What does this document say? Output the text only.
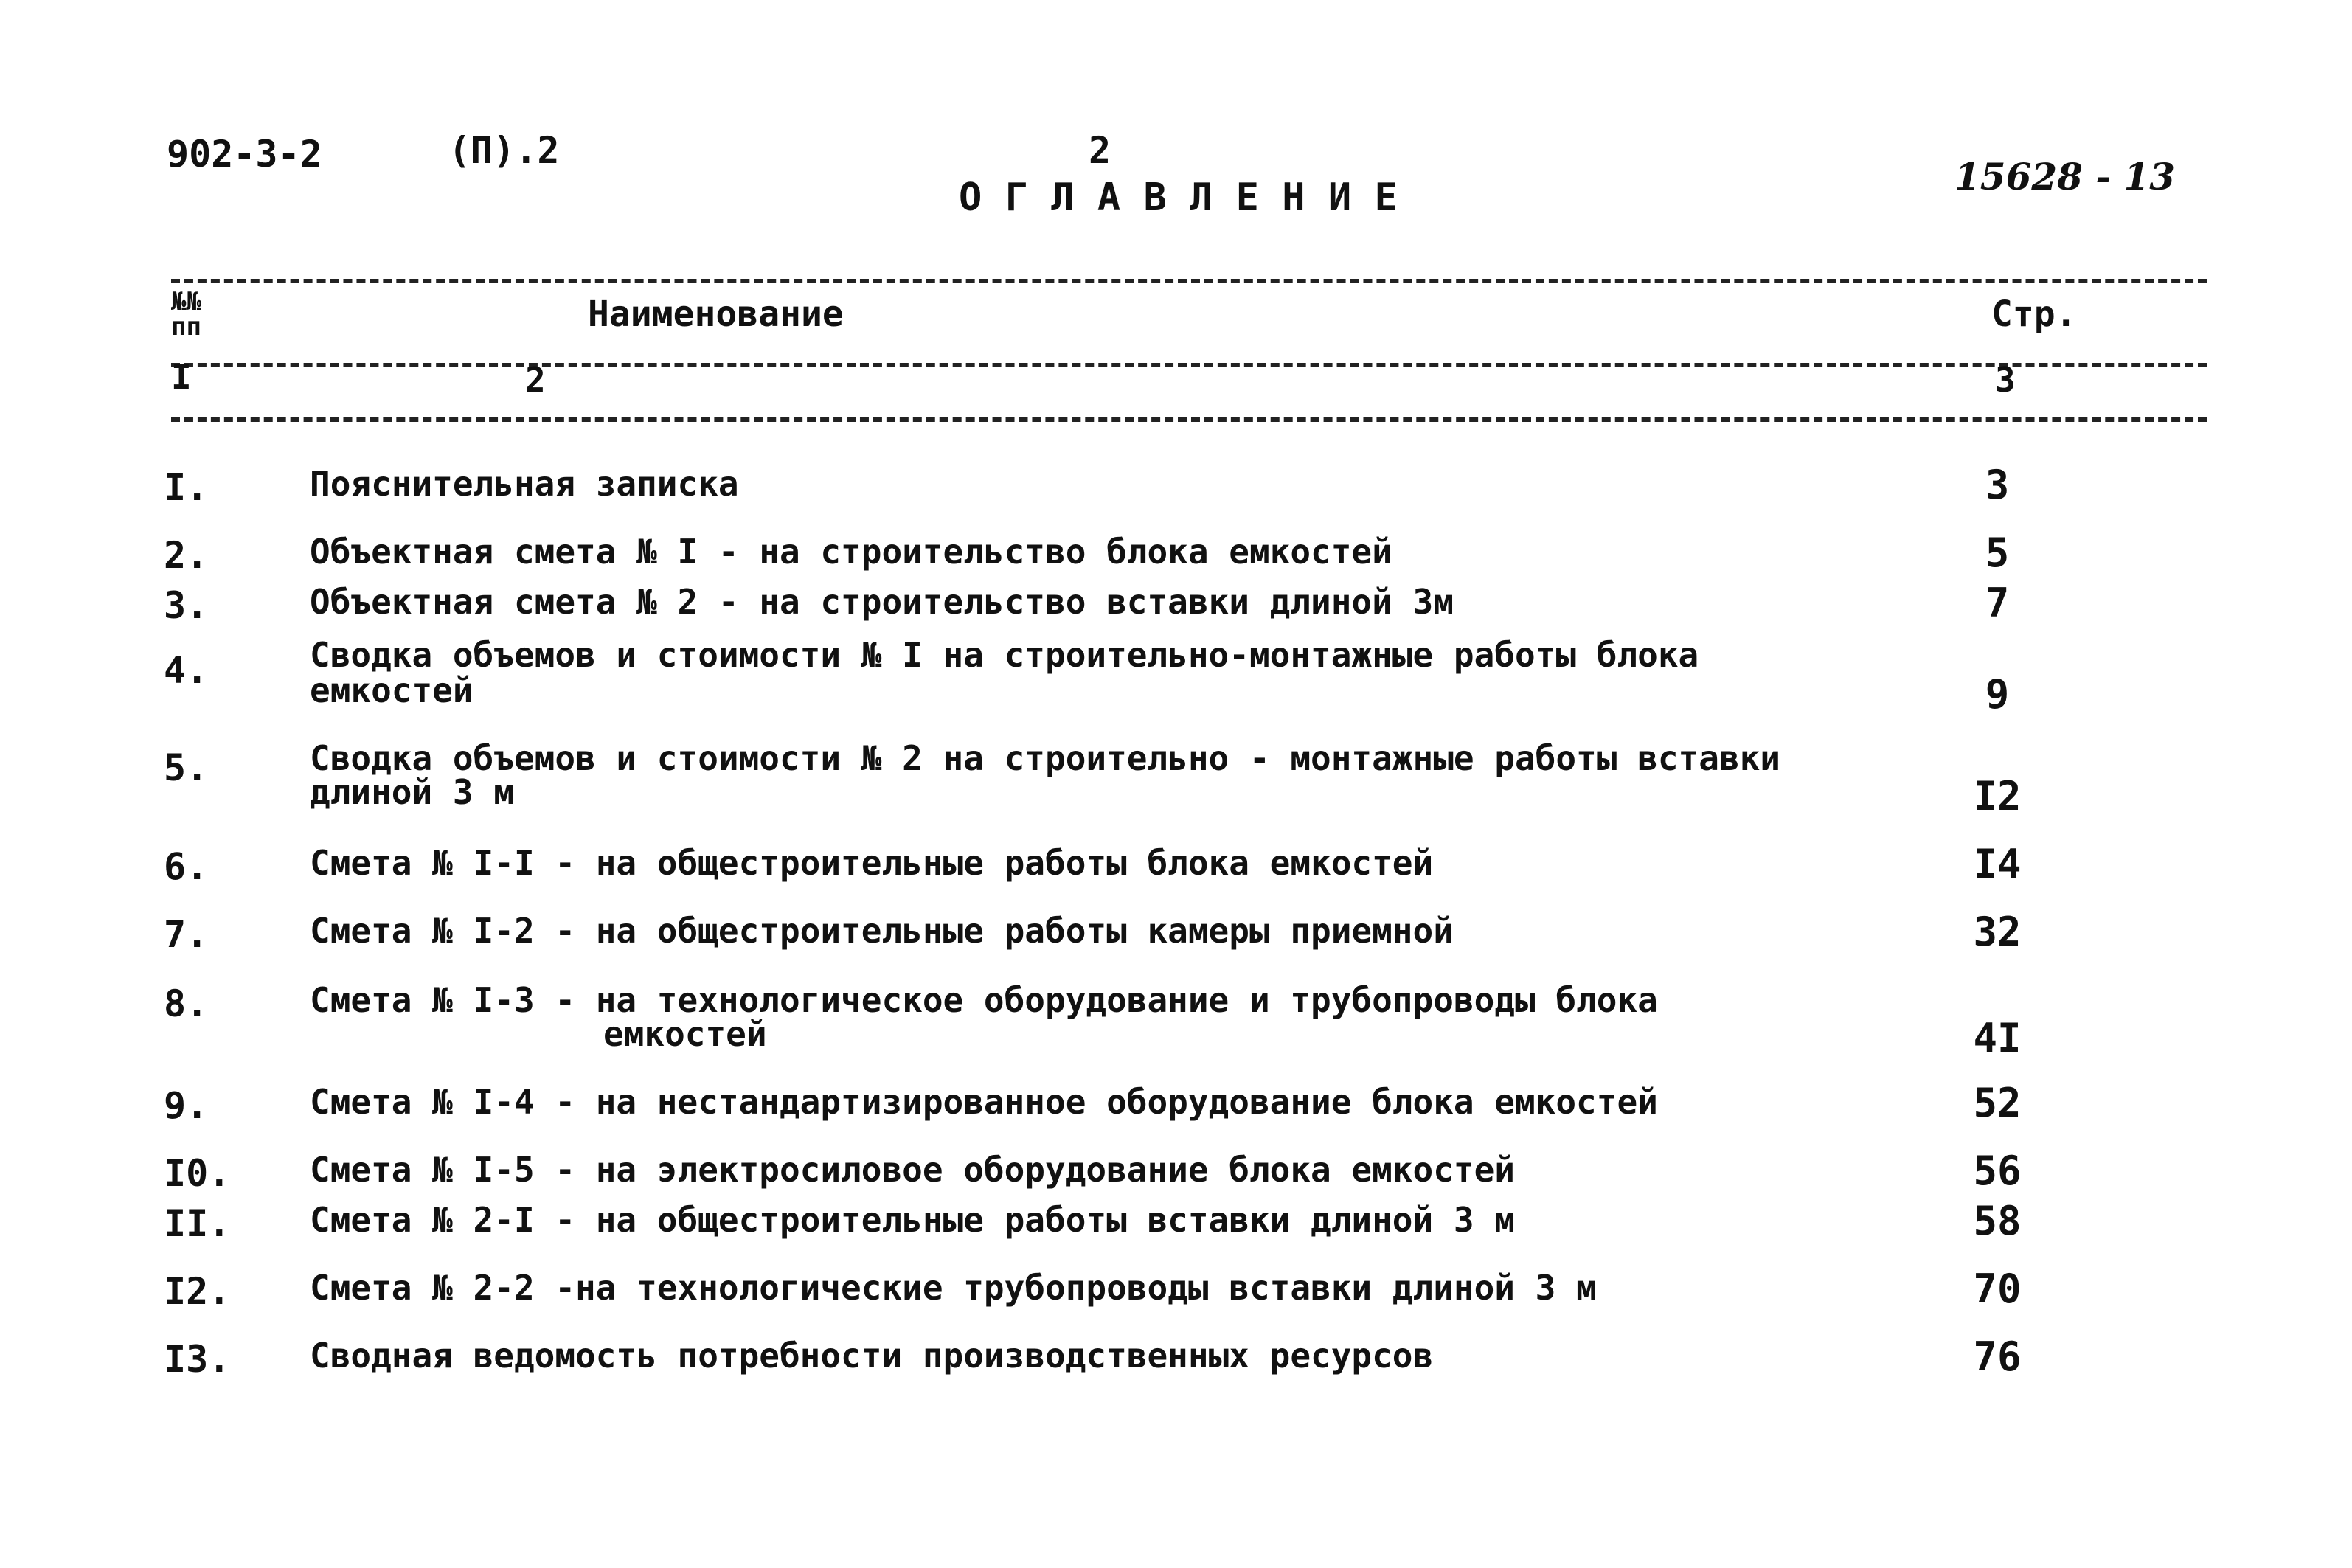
902-3-2	(П).2	2
О Г Л А В Л Е Н И Е	15628 - 13
№№ пп	Наименование	Стр.
I	2	3
I.	Пояснительная записка	3
2.	Объектная смета № I - на строительство блока емкостей	5
3.	Объектная смета № 2 - на строительство вставки длиной 3м	7
4.	Сводка объемов и стоимости № I на строительно-монтажные работы блока
емкостей	9
5.	Сводка объемов и стоимости № 2 на строительно - монтажные работы вставки
длиной 3 м	I2
6.	Смета № I-I - на общестроительные работы блока емкостей	I4
7.	Смета № I-2 - на общестроительные работы камеры приемной	32
8.	Смета № I-3 - на технологическое оборудование и трубопроводы блока
емкостей	4I
9.	Смета № I-4 - на нестандартизированное оборудование блока емкостей	52
I0. Смета № I-5 - на электросиловое оборудование блока емкостей	56
II. Смета № 2-I - на общестроительные работы вставки длиной 3 м	58
I2. Смета № 2-2 -на технологические трубопроводы вставки длиной 3 м	70
I3. Сводная ведомость потребности производственных ресурсов	76
